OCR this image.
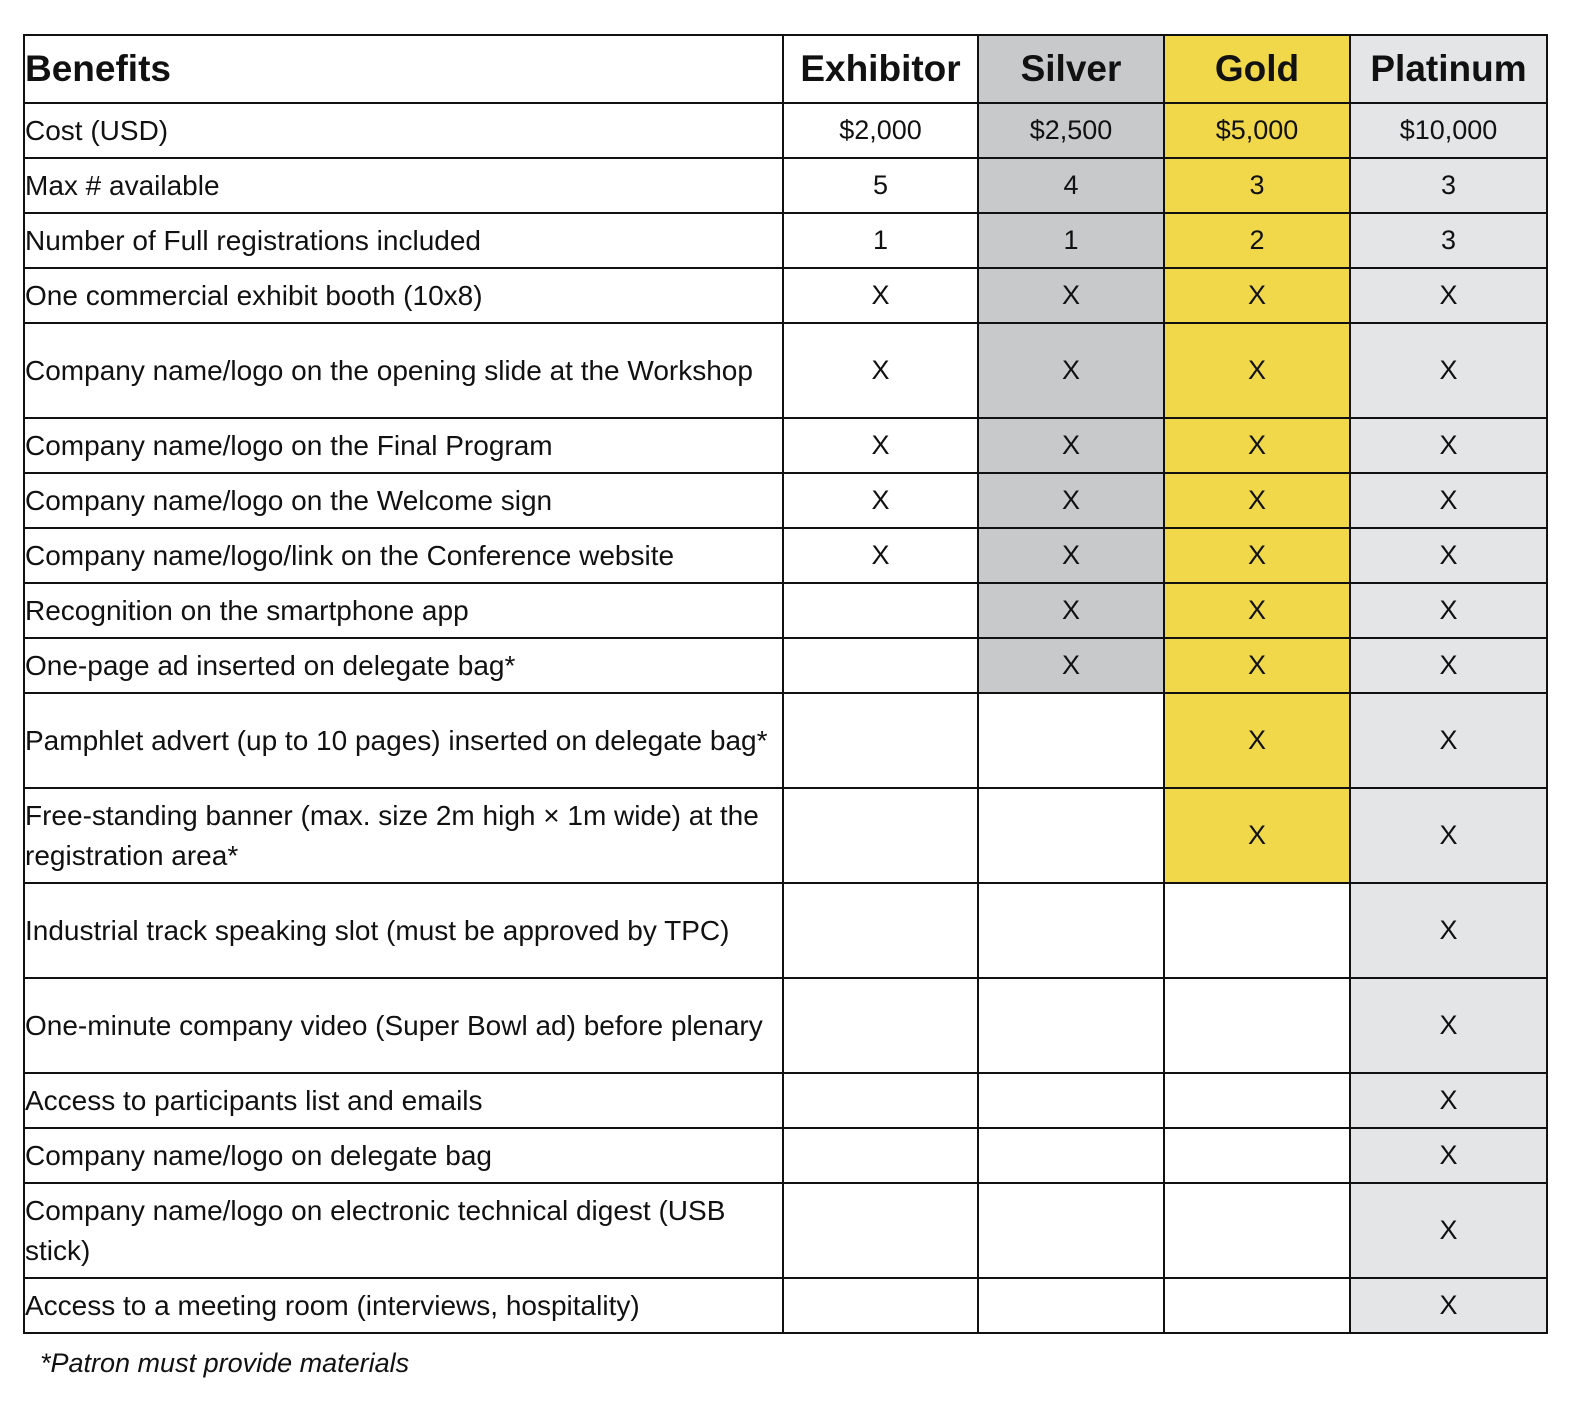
Benefits	Exhibitor	Silver	Gold	Platinum
Cost (USD)	$2,000	$2,500	$5,000	$10,000
Max # available	5	4	3	3
Number of Full registrations included	1	1	2	3
One commercial exhibit booth (10x8)	X	X	X	X
Company name/logo on the opening slide at the Workshop	X	X	X	X
Company name/logo on the Final Program	X	X	X	X
Company name/logo on the Welcome sign	X	X	X	X
Company name/logo/link on the Conference website	X	X	X	X
Recognition on the smartphone app		X	X	X
One-page ad inserted on delegate bag*		X	X	X
Pamphlet advert (up to 10 pages) inserted on delegate bag*			X	X
Free-standing banner (max. size 2m high × 1m wide) at the registration area*			X	X
Industrial track speaking slot (must be approved by TPC)				X
One-minute company video (Super Bowl ad) before plenary				X
Access to participants list and emails				X
Company name/logo on delegate bag				X
Company name/logo on electronic technical digest (USB stick)				X
Access to a meeting room (interviews, hospitality)				X
*Patron must provide materials
